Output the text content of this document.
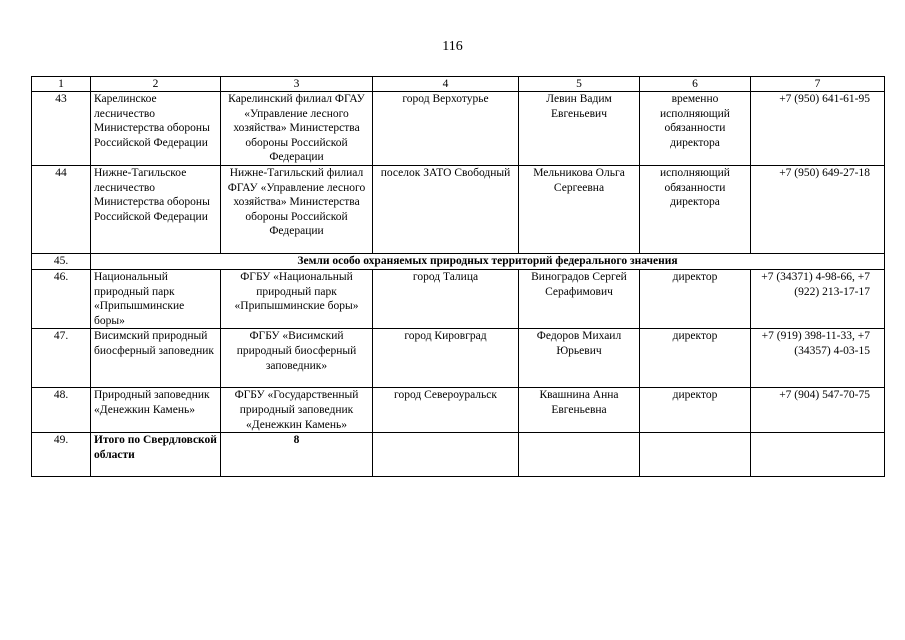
116
1	2	3	4	5	6	7
43	Карелинское лесничество Министерства обороны Российской Федерации	Карелинский филиал ФГАУ «Управление лесного хозяйства» Министерства обороны Российской Федерации	город Верхотурье	Левин Вадим Евгеньевич	временно исполняющий обязанности директора	+7 (950) 641-61-95
44	Нижне-Тагильское лесничество Министерства обороны Российской Федерации	Нижне-Тагильский филиал ФГАУ «Управление лесного хозяйства» Министерства обороны Российской Федерации	поселок ЗАТО Свободный	Мельникова Ольга Сергеевна	исполняющий обязанности директора	+7 (950) 649-27-18
45.	Земли особо охраняемых природных территорий федерального значения					
46.	Национальный природный парк «Припышминские боры»	ФГБУ «Национальный природный парк «Припышминские боры»	город Талица	Виноградов Сергей Серафимович	директор	+7 (34371) 4-98-66, +7 (922) 213-17-17
47.	Висимский природный биосферный заповедник	ФГБУ «Висимский природный биосферный заповедник»	город Кировград	Федоров Михаил Юрьевич	директор	+7 (919) 398-11-33, +7 (34357) 4-03-15
48.	Природный заповедник «Денежкин Камень»	ФГБУ «Государственный природный заповедник «Денежкин Камень»	город Североуральск	Квашнина Анна Евгеньевна	директор	+7 (904) 547-70-75
49.	Итого по Свердловской области	8				
